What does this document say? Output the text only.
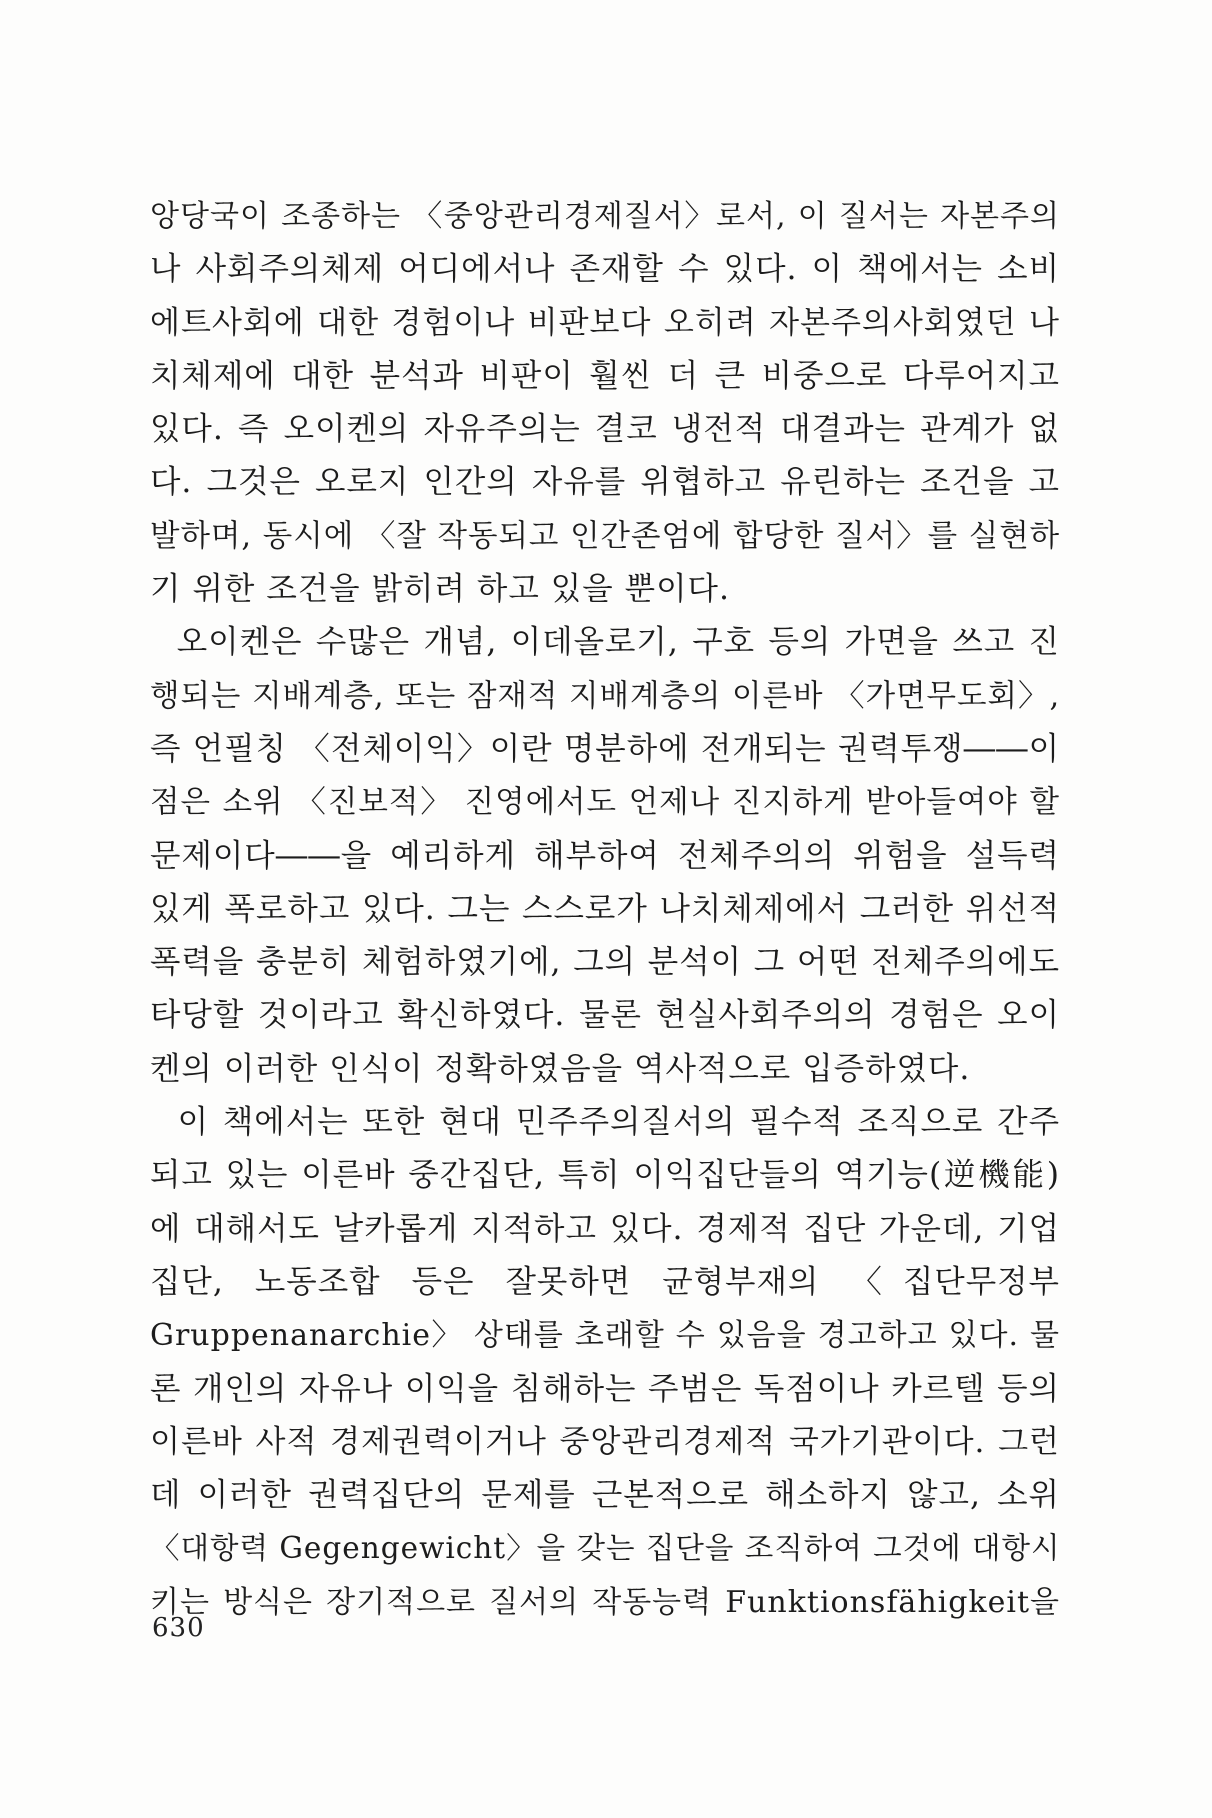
앙당국이 조종하는 〈중앙관리경제질서〉로서, 이 질서는 자본주의
나 사회주의체제 어디에서나 존재할 수 있다. 이 책에서는 소비
에트사회에 대한 경험이나 비판보다 오히려 자본주의사회였던 나
치체제에 대한 분석과 비판이 훨씬 더 큰 비중으로 다루어지고
있다. 즉 오이켄의 자유주의는 결코 냉전적 대결과는 관계가 없
다. 그것은 오로지 인간의 자유를 위협하고 유린하는 조건을 고
발하며, 동시에 〈잘 작동되고 인간존엄에 합당한 질서〉를 실현하
기 위한 조건을 밝히려 하고 있을 뿐이다.
오이켄은 수많은 개념, 이데올로기, 구호 등의 가면을 쓰고 진
행되는 지배계층, 또는 잠재적 지배계층의 이른바 〈가면무도회〉,
즉 언필칭 〈전체이익〉이란 명분하에 전개되는 권력투쟁――이
점은 소위 〈진보적〉 진영에서도 언제나 진지하게 받아들여야 할
문제이다――을 예리하게 해부하여 전체주의의 위험을 설득력
있게 폭로하고 있다. 그는 스스로가 나치체제에서 그러한 위선적
폭력을 충분히 체험하였기에, 그의 분석이 그 어떤 전체주의에도
타당할 것이라고 확신하였다. 물론 현실사회주의의 경험은 오이
켄의 이러한 인식이 정확하였음을 역사적으로 입증하였다.
이 책에서는 또한 현대 민주주의질서의 필수적 조직으로 간주
되고 있는 이른바 중간집단, 특히 이익집단들의 역기능(逆機能)
에 대해서도 날카롭게 지적하고 있다. 경제적 집단 가운데, 기업
집단, 노동조합 등은 잘못하면 균형부재의 〈집단무정부
Gruppenanarchie〉 상태를 초래할 수 있음을 경고하고 있다. 물
론 개인의 자유나 이익을 침해하는 주범은 독점이나 카르텔 등의
이른바 사적 경제권력이거나 중앙관리경제적 국가기관이다. 그런
데 이러한 권력집단의 문제를 근본적으로 해소하지 않고, 소위
〈대항력 Gegengewicht〉을 갖는 집단을 조직하여 그것에 대항시
키는 방식은 장기적으로 질서의 작동능력 Funktionsfähigkeit을
630
